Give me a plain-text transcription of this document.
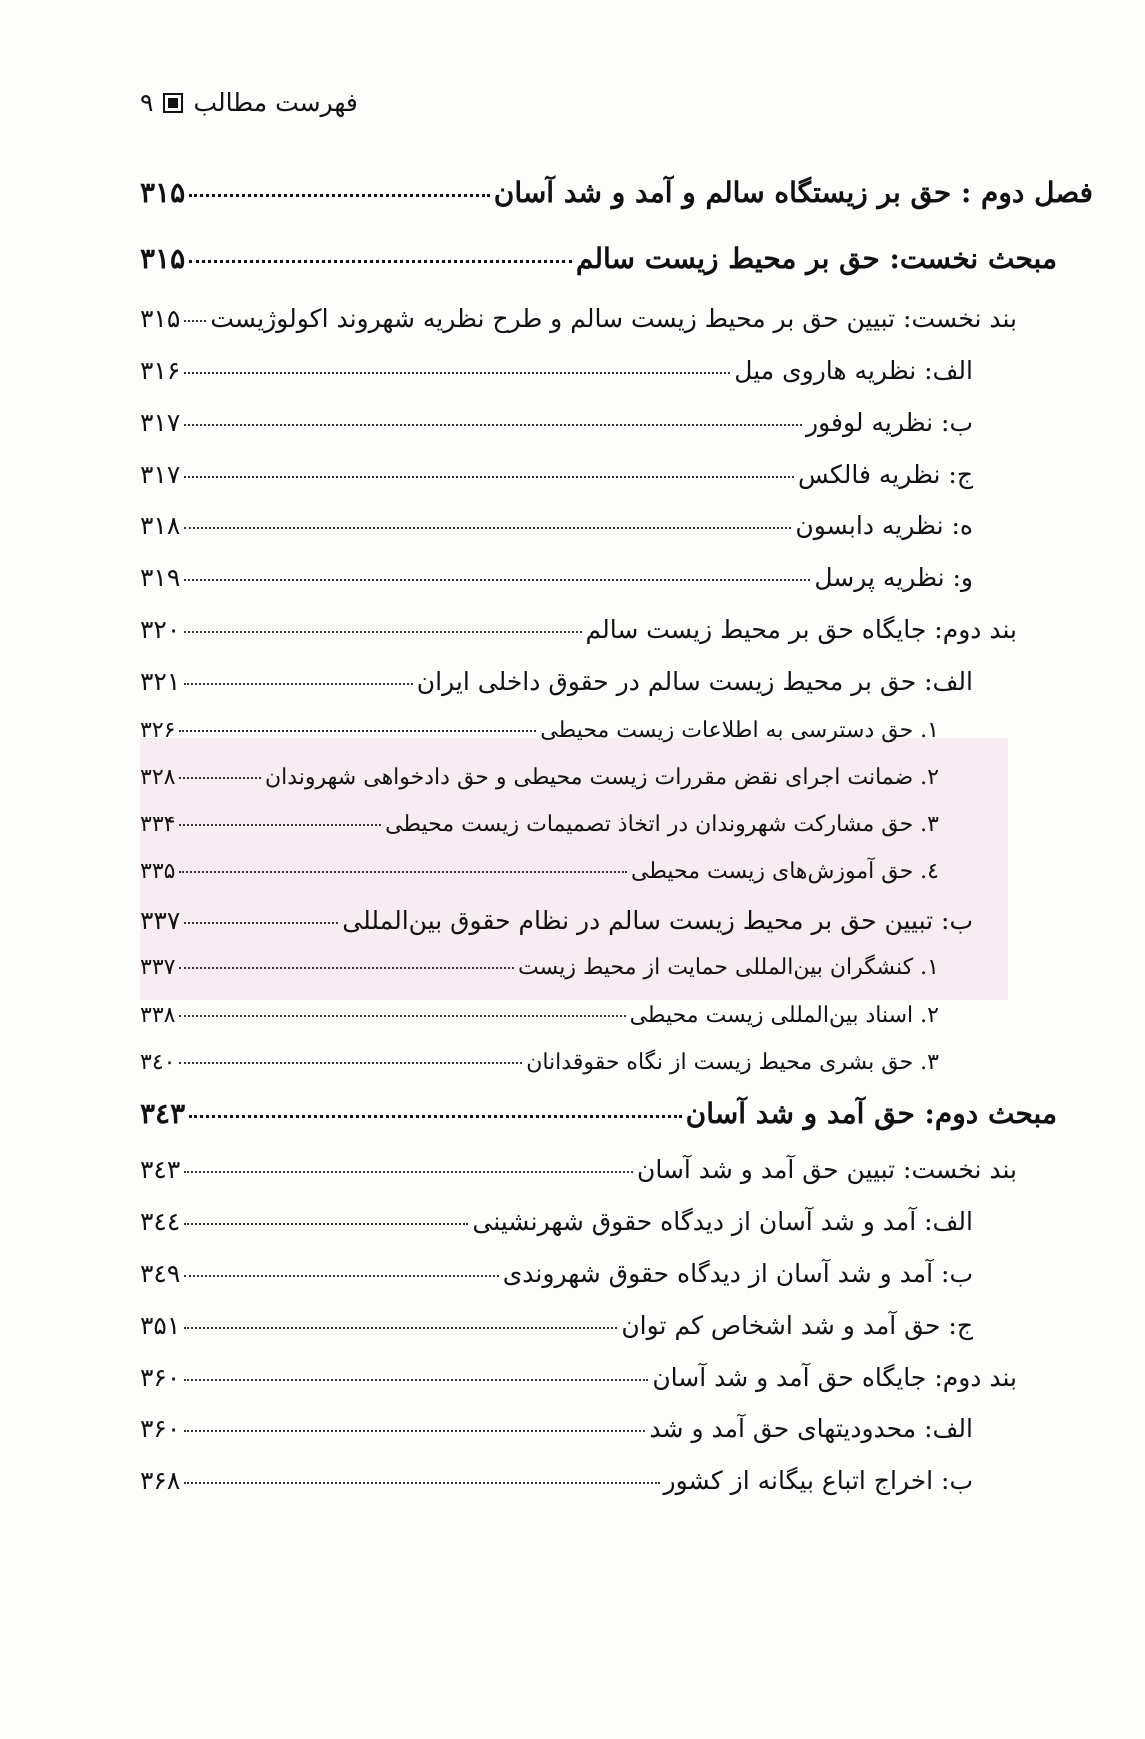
فهرست مطالب
۹
فصل دوم : حق بر زیستگاه سالم و آمد و شد آسان
۳۱۵
مبحث نخست: حق بر محیط زیست سالم
۳۱۵
بند نخست: تبیین حق بر محیط زیست سالم و طرح نظریه شهروند اکولوژیست
۳۱۵
الف: نظریه هاروی میل
۳۱۶
ب: نظریه لوفور
۳۱۷
ج: نظریه فالکس
۳۱۷
ه: نظریه دابسون
۳۱۸
و: نظریه پرسل
۳۱۹
بند دوم: جایگاه حق بر محیط زیست سالم
۳۲۰
الف: حق بر محیط زیست سالم در حقوق داخلی ایران
۳۲۱
۱. حق دسترسی به اطلاعات زیست محیطی
۳۲۶
۲. ضمانت اجرای نقض مقررات زیست محیطی و حق دادخواهی شهروندان
۳۲۸
۳. حق مشارکت شهروندان در اتخاذ تصمیمات زیست محیطی
۳۳۴
٤. حق آموزش‌های زیست محیطی
۳۳۵
ب: تبیین حق بر محیط زیست سالم در نظام حقوق بین‌المللی
۳۳۷
۱. کنشگران بین‌المللی حمایت از محیط زیست
۳۳۷
۲. اسناد بین‌المللی زیست محیطی
۳۳۸
۳. حق بشری محیط زیست از نگاه حقوقدانان
۳٤۰
مبحث دوم: حق آمد و شد آسان
۳٤۳
بند نخست: تبیین حق آمد و شد آسان
۳٤۳
الف: آمد و شد آسان از دیدگاه حقوق شهرنشینی
۳٤٤
ب: آمد و شد آسان از دیدگاه حقوق شهروندی
۳٤۹
ج: حق آمد و شد اشخاص کم توان
۳۵۱
بند دوم: جایگاه حق آمد و شد آسان
۳۶۰
الف: محدودیتهای حق آمد و شد
۳۶۰
ب: اخراج اتباع بیگانه از کشور
۳۶۸
